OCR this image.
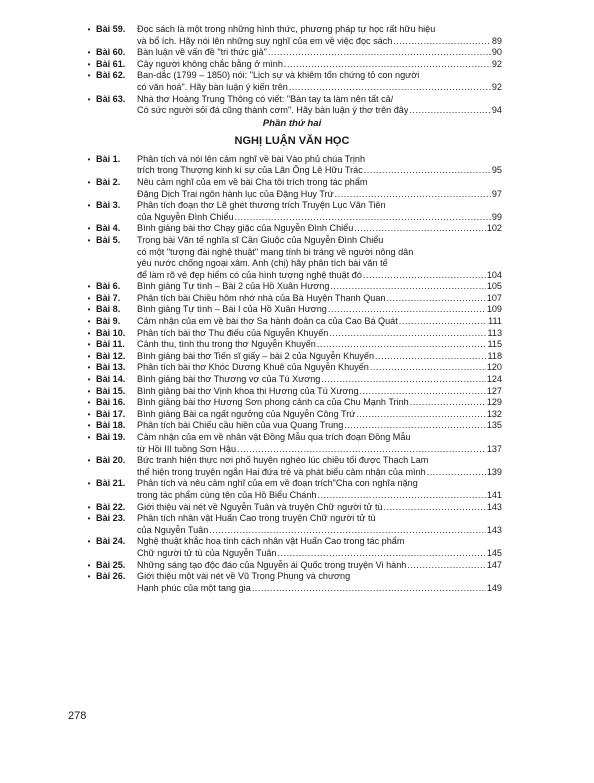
• Bài 59.	Đọc sách là một trong những hình thức, phương pháp tự học rất hữu hiệu
và bổ ích. Hãy nói lên những suy nghĩ của em về việc đọc sách .....	89
• Bài 60.	Bàn luận về vấn đề "tri thức giả" .....	90
• Bài 61.	Cây người không chắc bằng ở mình .....	92
• Bài 62.	Ban-dắc (1799 – 1850) nói: "Lịch sự và khiêm tốn chứng tỏ con người
có văn hoá". Hãy bàn luận ý kiến trên .....	92
• Bài 63.	Nhà thơ Hoàng Trung Thông có viết: "Bàn tay ta làm nên tất cả/
Có sức người sỏi đá cũng thành cơm". Hãy bàn luận ý thơ trên đây .....	94
Phần thứ hai
NGHỊ LUẬN VĂN HỌC
• Bài 1.	Phân tích và nói lên cảm nghĩ về bài Vào phủ chúa Trịnh
trích trong Thượng kinh kí sự của Lãn Ông Lê Hữu Trác .....	95
• Bài 2.	Nêu cảm nghĩ của em về bài Cha tôi trích trong tác phẩm
Đặng Dịch Trai ngôn hành lục của Đặng Huy Trứ .....	97
• Bài 3.	Phân tích đoạn thơ Lẽ ghét thương trích Truyện Lục Vân Tiên
của Nguyễn Đình Chiểu .....	99
• Bài 4.	Bình giảng bài thơ Chạy giặc của Nguyễn Đình Chiểu .....	102
• Bài 5.	Trong bài Văn tế nghĩa sĩ Cần Giuộc của Nguyễn Đình Chiểu
có một "tượng đài nghệ thuật" mang tính bi tráng về người nông dân
yêu nước chống ngoại xâm. Anh (chị) hãy phân tích bài văn tế
để làm rõ vẻ đẹp hiếm có của hình tượng nghệ thuật đó .....	104
• Bài 6.	Bình giảng Tự tình – Bài 2 của Hồ Xuân Hương .....	105
• Bài 7.	Phân tích bài Chiều hôm nhớ nhà của Bà Huyện Thanh Quan .....	107
• Bài 8.	Bình giảng Tự tình – Bài I của Hồ Xuân Hương .....	109
• Bài 9.	Cảm nhận của em về bài thơ Sa hành đoản ca của Cao Bá Quát .....	111
• Bài 10.	Phân tích bài thơ Thu điếu của Nguyễn Khuyến .....	113
• Bài 11.	Cảnh thu, tình thu trong thơ Nguyễn Khuyến .....	115
• Bài 12.	Bình giảng bài thơ Tiến sĩ giấy – bài 2 của Nguyễn Khuyến .....	118
• Bài 13.	Phân tích bài thơ Khóc Dương Khuê của Nguyễn Khuyến .....	120
• Bài 14.	Bình giảng bài thơ Thương vợ của Tú Xương .....	124
• Bài 15.	Bình giảng bài thơ Vịnh khoa thi Hương của Tú Xương .....	127
• Bài 16.	Bình giảng bài thơ Hương Sơn phong cảnh ca của Chu Mạnh Trinh .....	129
• Bài 17.	Bình giảng Bài ca ngất ngưởng của Nguyễn Công Trứ .....	132
• Bài 18.	Phân tích bài Chiếu cầu hiền của vua Quang Trung .....	135
• Bài 19.	Cảm nhận của em về nhân vật Đồng Mẫu qua trích đoạn Đồng Mẫu
từ Hồi III tuồng Sơn Hậu .....	137
• Bài 20.	Bức tranh hiện thực nơi phố huyện nghèo lúc chiều tối được Thạch Lam
thể hiện trong truyện ngắn Hai đứa trẻ và phát biểu cảm nhận của mình .....	139
• Bài 21.	Phân tích và nêu cảm nghĩ của em về đoạn trích"Cha con nghĩa nặng
trong tác phẩm cùng tên của Hồ Biểu Chánh .....	141
• Bài 22.	Giới thiệu vài nét về Nguyễn Tuân và truyện Chữ người tử tù .....	143
• Bài 23.	Phân tích nhân vật Huấn Cao trong truyện Chữ người tử tù
của Nguyễn Tuân .....	143
• Bài 24.	Nghệ thuật khắc hoạ tính cách nhân vật Huấn Cao trong tác phẩm
Chữ người tử tù của Nguyễn Tuân .....	145
• Bài 25.	Những sáng tạo độc đáo của Nguyễn ái Quốc trong truyện Vi hành .....	147
• Bài 26.	Giới thiệu một vài nét về Vũ Trọng Phụng và chương
Hạnh phúc của một tang gia .....	149
278
